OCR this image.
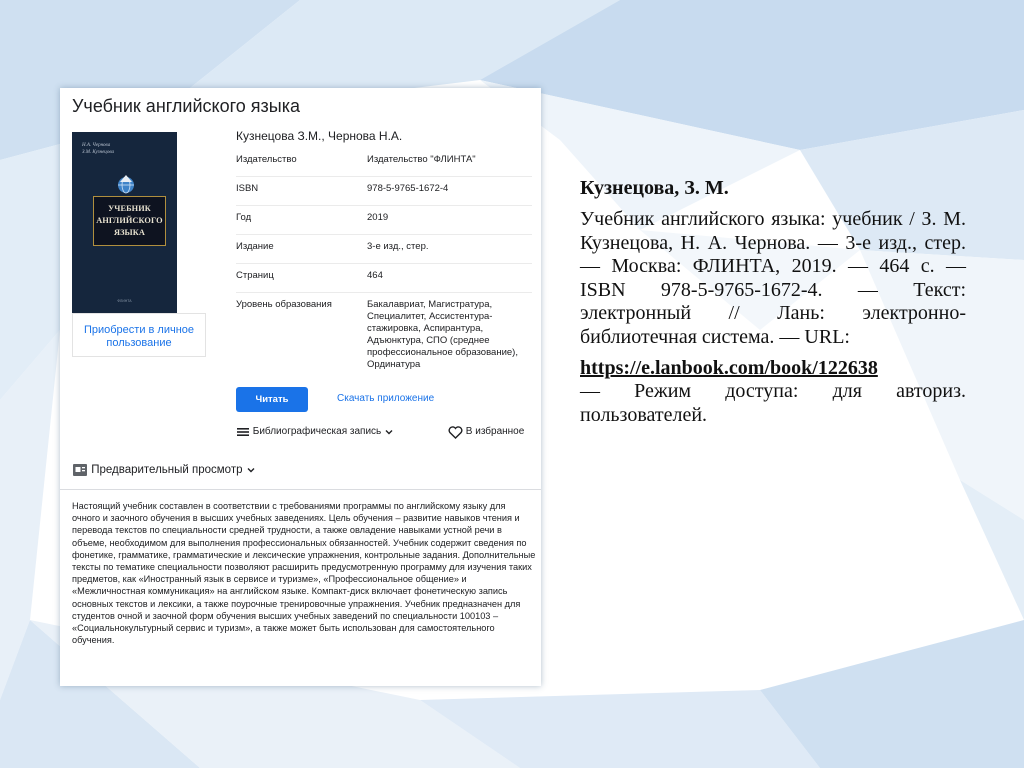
Учебник английского языка
Н.А. Чернова
З.М. Кузнецова
УЧЕБНИК
АНГЛИЙСКОГО
ЯЗЫКА
ФЛИНТА
Приобрести в личное пользование
Кузнецова З.М., Чернова Н.А.
Издательство	Издательство "ФЛИНТА"
ISBN	978-5-9765-1672-4
Год	2019
Издание	3-е изд., стер.
Страниц	464
Уровень образования	Бакалавриат, Магистратура, Специалитет, Ассистентура-стажировка, Аспирантура, Адъюнктура, СПО (среднее профессиональное образование), Ординатура
Читать	Скачать приложение
Библиографическая запись	В избранное
Предварительный просмотр
Настоящий учебник составлен в соответствии с требованиями программы по английскому языку для очного и заочного обучения в высших учебных заведениях. Цель обучения – развитие навыков чтения и перевода текстов по специальности средней трудности, а также овладение навыками устной речи в объеме, необходимом для выполнения профессиональных обязанностей. Учебник содержит сведения по фонетике, грамматике, грамматические и лексические упражнения, контрольные задания. Дополнительные тексты по тематике специальности позволяют расширить предусмотренную программу для изучения таких предметов, как «Иностранный язык в сервисе и туризме», «Профессиональное общение» и «Межличностная коммуникация» на английском языке. Компакт-диск включает фонетическую запись основных текстов и лексики, а также поурочные тренировочные упражнения. Учебник предназначен для студентов очной и заочной форм обучения высших учебных заведений по специальности 100103 – «Социальнокультурный сервис и туризм», а также может быть использован для самостоятельного обучения.
Кузнецова, З. М.
Учебник английского языка: учебник / З. М. Кузнецова, Н. А. Чернова. — 3-е изд., стер. — Москва: ФЛИНТА, 2019. — 464 с. — ISBN 978-5-9765-1672-4. — Текст: электронный // Лань: электронно-библиотечная система. — URL:
https://e.lanbook.com/book/122638
— Режим доступа: для авториз. пользователей.
